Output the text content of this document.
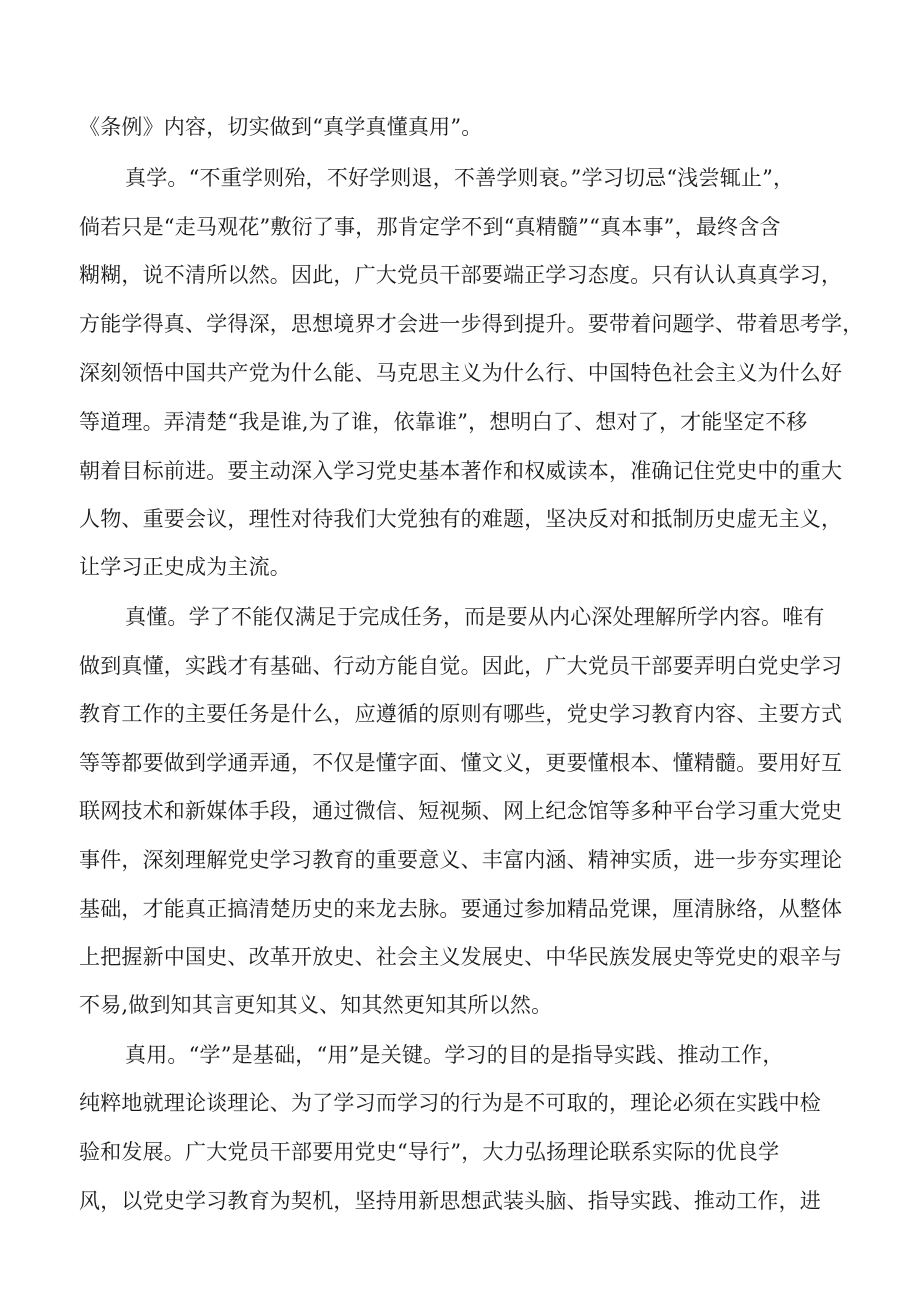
《条例》内容，切实做到“真学真懂真用”。

真学。“不重学则殆，不好学则退，不善学则衰。”学习切忌“浅尝辄止”，

倘若只是“走马观花”敷衍了事，那肯定学不到“真精髓”“真本事”，最终含含

糊糊，说不清所以然。因此，广大党员干部要端正学习态度。只有认认真真学习，

方能学得真、学得深，思想境界才会进一步得到提升。要带着问题学、带着思考学，

深刻领悟中国共产党为什么能、马克思主义为什么行、中国特色社会主义为什么好

等道理。弄清楚“我是谁,为了谁，依靠谁”，想明白了、想对了，才能坚定不移

朝着目标前进。要主动深入学习党史基本著作和权威读本，准确记住党史中的重大

人物、重要会议，理性对待我们大党独有的难题，坚决反对和抵制历史虚无主义，

让学习正史成为主流。

真懂。学了不能仅满足于完成任务，而是要从内心深处理解所学内容。唯有

做到真懂，实践才有基础、行动方能自觉。因此，广大党员干部要弄明白党史学习

教育工作的主要任务是什么，应遵循的原则有哪些，党史学习教育内容、主要方式

等等都要做到学通弄通，不仅是懂字面、懂文义，更要懂根本、懂精髓。要用好互

联网技术和新媒体手段，通过微信、短视频、网上纪念馆等多种平台学习重大党史

事件，深刻理解党史学习教育的重要意义、丰富内涵、精神实质，进一步夯实理论

基础，才能真正搞清楚历史的来龙去脉。要通过参加精品党课，厘清脉络，从整体

上把握新中国史、改革开放史、社会主义发展史、中华民族发展史等党史的艰辛与

不易,做到知其言更知其义、知其然更知其所以然。

真用。“学”是基础，“用”是关键。学习的目的是指导实践、推动工作，

纯粹地就理论谈理论、为了学习而学习的行为是不可取的，理论必须在实践中检

验和发展。广大党员干部要用党史“导行”，大力弘扬理论联系实际的优良学

风，以党史学习教育为契机，坚持用新思想武装头脑、指导实践、推动工作，进
